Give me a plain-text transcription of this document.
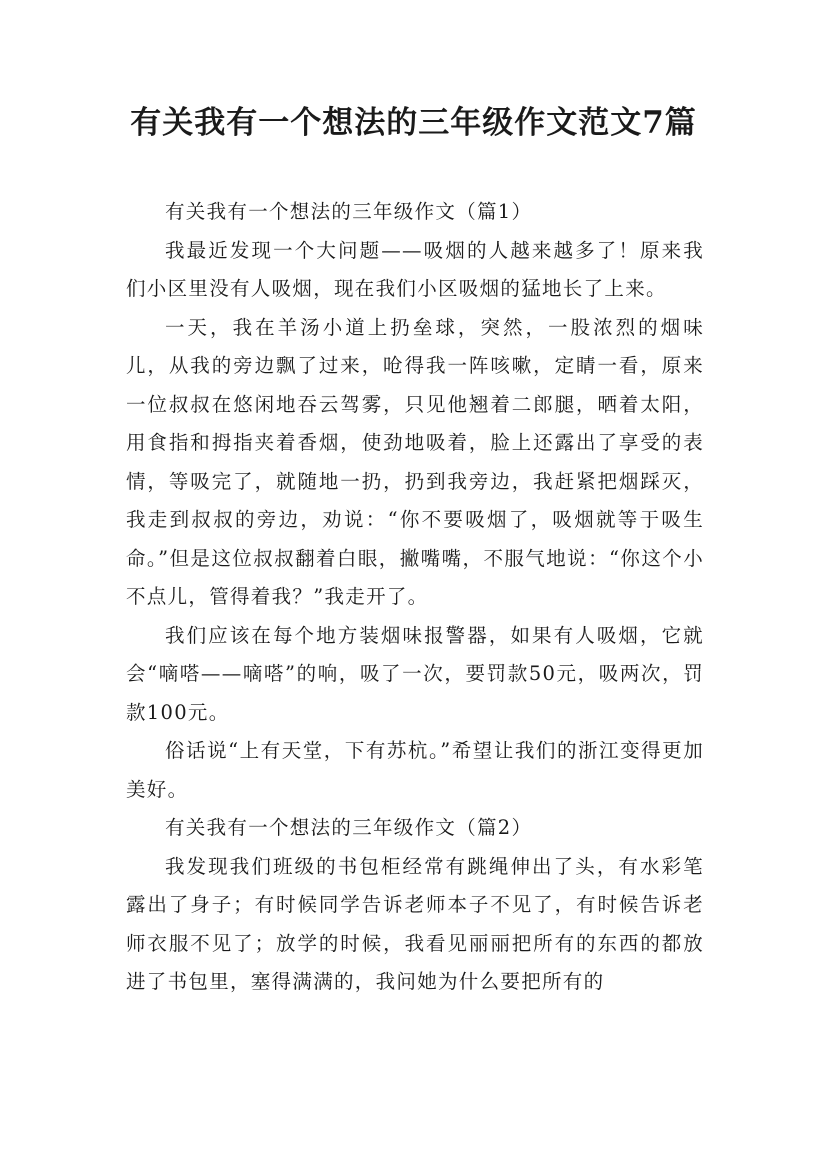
有关我有一个想法的三年级作文范文7篇

有关我有一个想法的三年级作文（篇1）

我最近发现一个大问题——吸烟的人越来越多了！原来我们小区里没有人吸烟，现在我们小区吸烟的猛地长了上来。

一天，我在羊汤小道上扔垒球，突然，一股浓烈的烟味儿，从我的旁边飘了过来，呛得我一阵咳嗽，定睛一看，原来一位叔叔在悠闲地吞云驾雾，只见他翘着二郎腿，晒着太阳，用食指和拇指夹着香烟，使劲地吸着，脸上还露出了享受的表情，等吸完了，就随地一扔，扔到我旁边，我赶紧把烟踩灭，我走到叔叔的旁边，劝说：“你不要吸烟了，吸烟就等于吸生命。”但是这位叔叔翻着白眼，撇嘴嘴，不服气地说：“你这个小不点儿，管得着我？”我走开了。

我们应该在每个地方装烟味报警器，如果有人吸烟，它就会“嘀嗒——嘀嗒”的响，吸了一次，要罚款50元，吸两次，罚款100元。

俗话说“上有天堂，下有苏杭。”希望让我们的浙江变得更加美好。

有关我有一个想法的三年级作文（篇2）

我发现我们班级的书包柜经常有跳绳伸出了头，有水彩笔露出了身子；有时候同学告诉老师本子不见了，有时候告诉老师衣服不见了；放学的时候，我看见丽丽把所有的东西的都放进了书包里，塞得满满的，我问她为什么要把所有的
